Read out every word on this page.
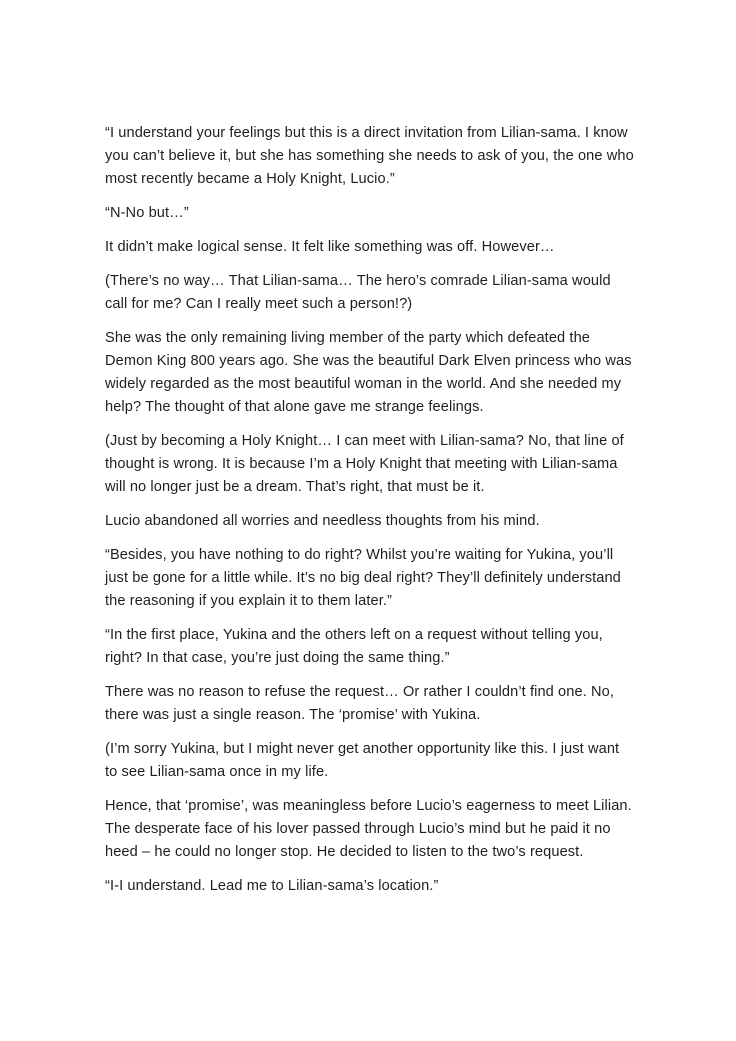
“I understand your feelings but this is a direct invitation from Lilian-sama. I know you can’t believe it, but she has something she needs to ask of you, the one who most recently became a Holy Knight, Lucio.”

“N-No but…”

It didn’t make logical sense. It felt like something was off. However…

(There’s no way… That Lilian-sama… The hero’s comrade Lilian-sama would call for me? Can I really meet such a person!?)

She was the only remaining living member of the party which defeated the Demon King 800 years ago. She was the beautiful Dark Elven princess who was widely regarded as the most beautiful woman in the world. And she needed my help? The thought of that alone gave me strange feelings.

(Just by becoming a Holy Knight… I can meet with Lilian-sama? No, that line of thought is wrong. It is because I’m a Holy Knight that meeting with Lilian-sama will no longer just be a dream. That’s right, that must be it.

Lucio abandoned all worries and needless thoughts from his mind.

“Besides, you have nothing to do right? Whilst you’re waiting for Yukina, you’ll just be gone for a little while. It’s no big deal right? They’ll definitely understand the reasoning if you explain it to them later.”

“In the first place, Yukina and the others left on a request without telling you, right? In that case, you’re just doing the same thing.”

There was no reason to refuse the request… Or rather I couldn’t find one. No, there was just a single reason. The ‘promise’ with Yukina.

(I’m sorry Yukina, but I might never get another opportunity like this. I just want to see Lilian-sama once in my life.

Hence, that ‘promise’, was meaningless before Lucio’s eagerness to meet Lilian. The desperate face of his lover passed through Lucio’s mind but he paid it no heed – he could no longer stop. He decided to listen to the two’s request.

“I-I understand. Lead me to Lilian-sama’s location.”
